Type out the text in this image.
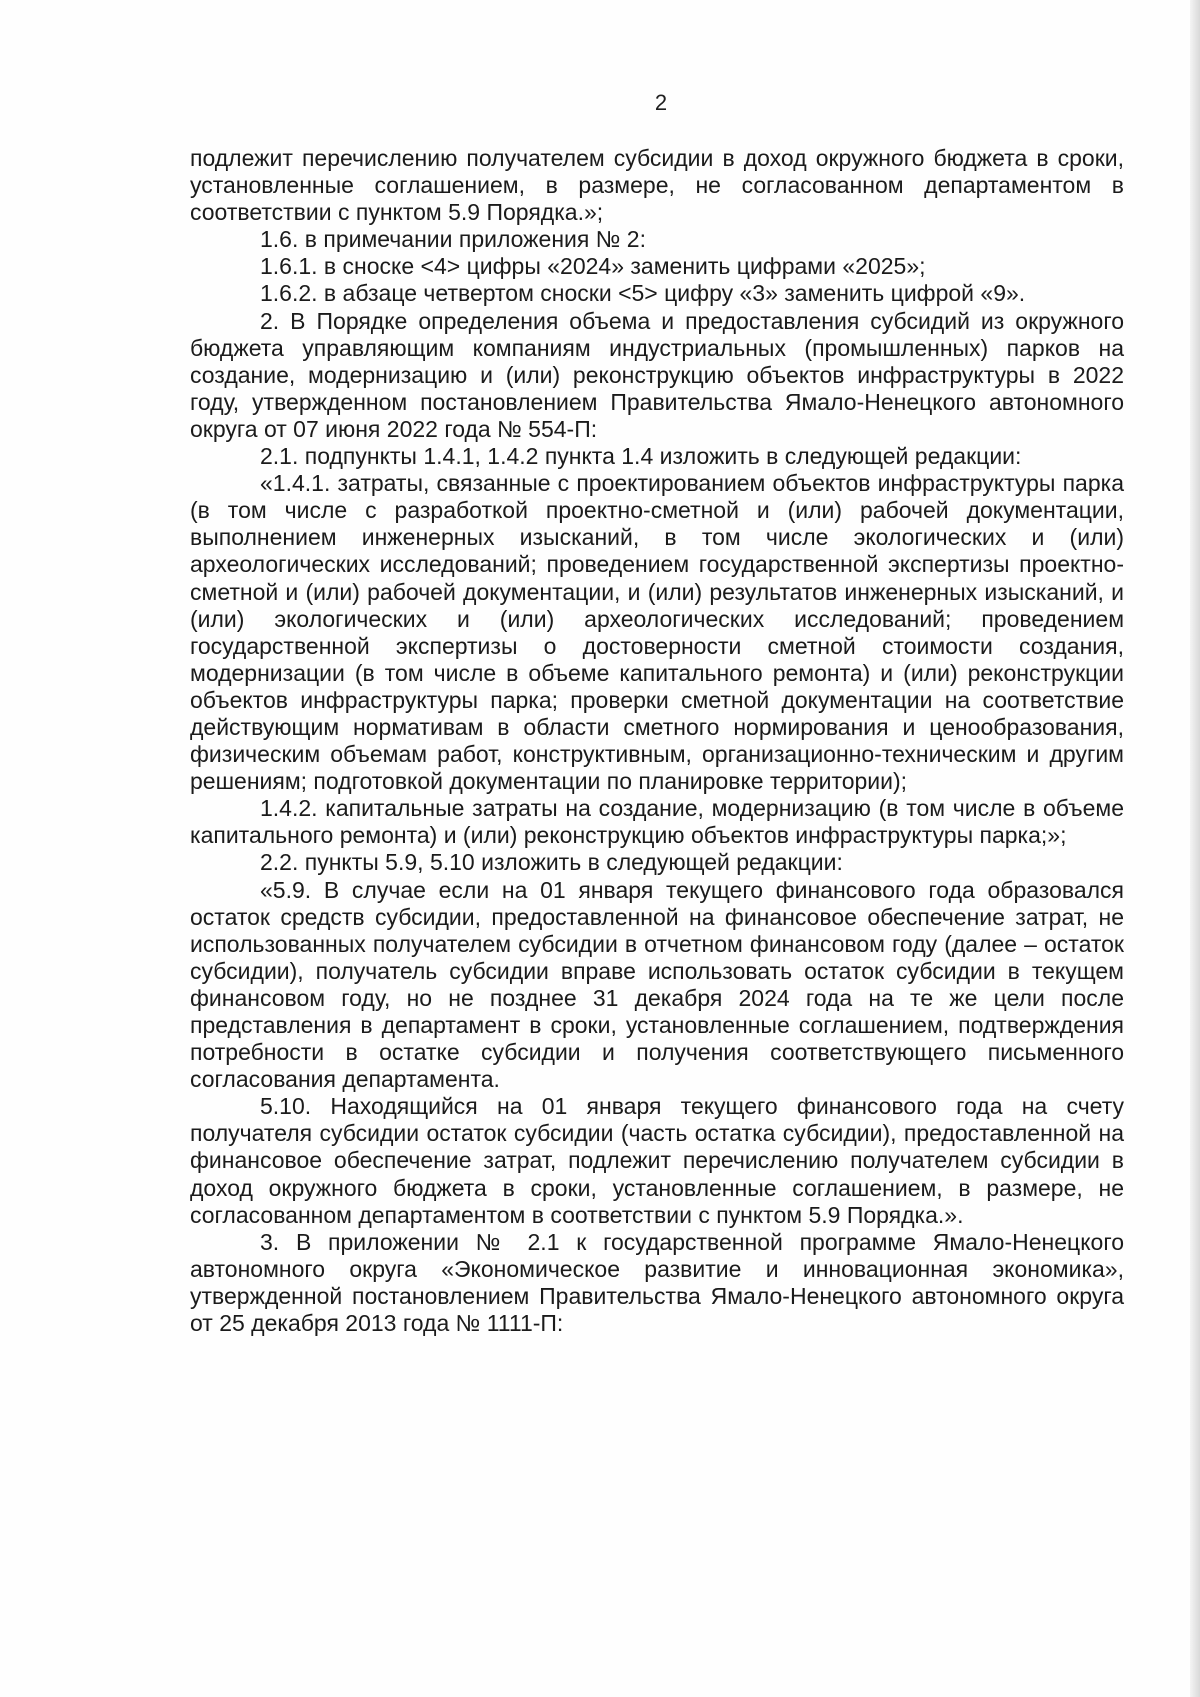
2

подлежит перечислению получателем субсидии в доход окружного бюджета в сроки, установленные соглашением, в размере, не согласованном департаментом в соответствии с пунктом 5.9 Порядка.»;

1.6. в примечании приложения № 2:

1.6.1. в сноске <4> цифры «2024» заменить цифрами «2025»;

1.6.2. в абзаце четвертом сноски <5> цифру «3» заменить цифрой «9».

2. В Порядке определения объема и предоставления субсидий из окружного бюджета управляющим компаниям индустриальных (промышленных) парков на создание, модернизацию и (или) реконструкцию объектов инфраструктуры в 2022 году, утвержденном постановлением Правительства Ямало-Ненецкого автономного округа от 07 июня 2022 года № 554-П:

2.1. подпункты 1.4.1, 1.4.2 пункта 1.4 изложить в следующей редакции:

«1.4.1. затраты, связанные с проектированием объектов инфраструктуры парка (в том числе с разработкой проектно-сметной и (или) рабочей документации, выполнением инженерных изысканий, в том числе экологических и (или) археологических исследований; проведением государственной экспертизы проектно-сметной и (или) рабочей документации, и (или) результатов инженерных изысканий, и (или) экологических и (или) археологических исследований; проведением государственной экспертизы о достоверности сметной стоимости создания, модернизации (в том числе в объеме капитального ремонта) и (или) реконструкции объектов инфраструктуры парка; проверки сметной документации на соответствие действующим нормативам в области сметного нормирования и ценообразования, физическим объемам работ, конструктивным, организационно-техническим и другим решениям; подготовкой документации по планировке территории);

1.4.2. капитальные затраты на создание, модернизацию (в том числе в объеме капитального ремонта) и (или) реконструкцию объектов инфраструктуры парка;»;

2.2. пункты 5.9, 5.10 изложить в следующей редакции:

«5.9. В случае если на 01 января текущего финансового года образовался остаток средств субсидии, предоставленной на финансовое обеспечение затрат, не использованных получателем субсидии в отчетном финансовом году (далее – остаток субсидии), получатель субсидии вправе использовать остаток субсидии в текущем финансовом году, но не позднее 31 декабря 2024 года на те же цели после представления в департамент в сроки, установленные соглашением, подтверждения потребности в остатке субсидии и получения соответствующего письменного согласования департамента.

5.10. Находящийся на 01 января текущего финансового года на счету получателя субсидии остаток субсидии (часть остатка субсидии), предоставленной на финансовое обеспечение затрат, подлежит перечислению получателем субсидии в доход окружного бюджета в сроки, установленные соглашением, в размере, не согласованном департаментом в соответствии с пунктом 5.9 Порядка.».

3. В приложении № 2.1 к государственной программе Ямало-Ненецкого автономного округа «Экономическое развитие и инновационная экономика», утвержденной постановлением Правительства Ямало-Ненецкого автономного округа от 25 декабря 2013 года № 1111-П:
